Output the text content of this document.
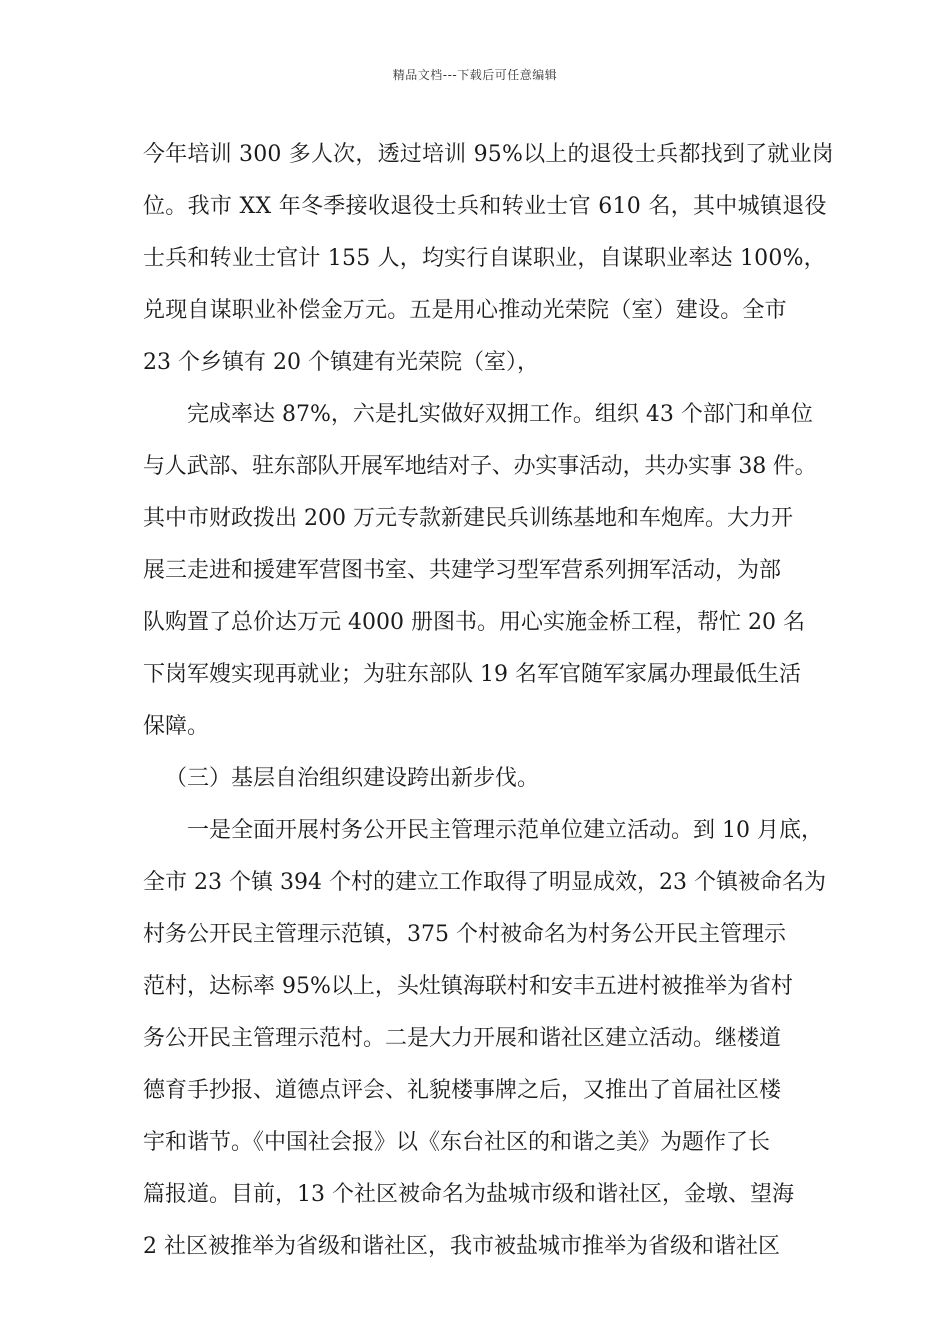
精品文档---下载后可任意编辑
今年培训 300 多人次，透过培训 95%以上的退役士兵都找到了就业岗
位。我市 XX 年冬季接收退役士兵和转业士官 610 名，其中城镇退役
士兵和转业士官计 155 人，均实行自谋职业，自谋职业率达 100%，
兑现自谋职业补偿金万元。五是用心推动光荣院（室）建设。全市
23 个乡镇有 20 个镇建有光荣院（室），
完成率达 87%，六是扎实做好双拥工作。组织 43 个部门和单位
与人武部、驻东部队开展军地结对子、办实事活动，共办实事 38 件。
其中市财政拨出 200 万元专款新建民兵训练基地和车炮库。大力开
展三走进和援建军营图书室、共建学习型军营系列拥军活动，为部
队购置了总价达万元 4000 册图书。用心实施金桥工程，帮忙 20 名
下岗军嫂实现再就业；为驻东部队 19 名军官随军家属办理最低生活
保障。
（三）基层自治组织建设跨出新步伐。
一是全面开展村务公开民主管理示范单位建立活动。到 10 月底，
全市 23 个镇 394 个村的建立工作取得了明显成效，23 个镇被命名为
村务公开民主管理示范镇，375 个村被命名为村务公开民主管理示
范村，达标率 95%以上，头灶镇海联村和安丰五进村被推举为省村
务公开民主管理示范村。二是大力开展和谐社区建立活动。继楼道
德育手抄报、道德点评会、礼貌楼事牌之后，又推出了首届社区楼
宇和谐节。《中国社会报》以《东台社区的和谐之美》为题作了长
篇报道。目前，13 个社区被命名为盐城市级和谐社区，金墩、望海
2 社区被推举为省级和谐社区，我市被盐城市推举为省级和谐社区
